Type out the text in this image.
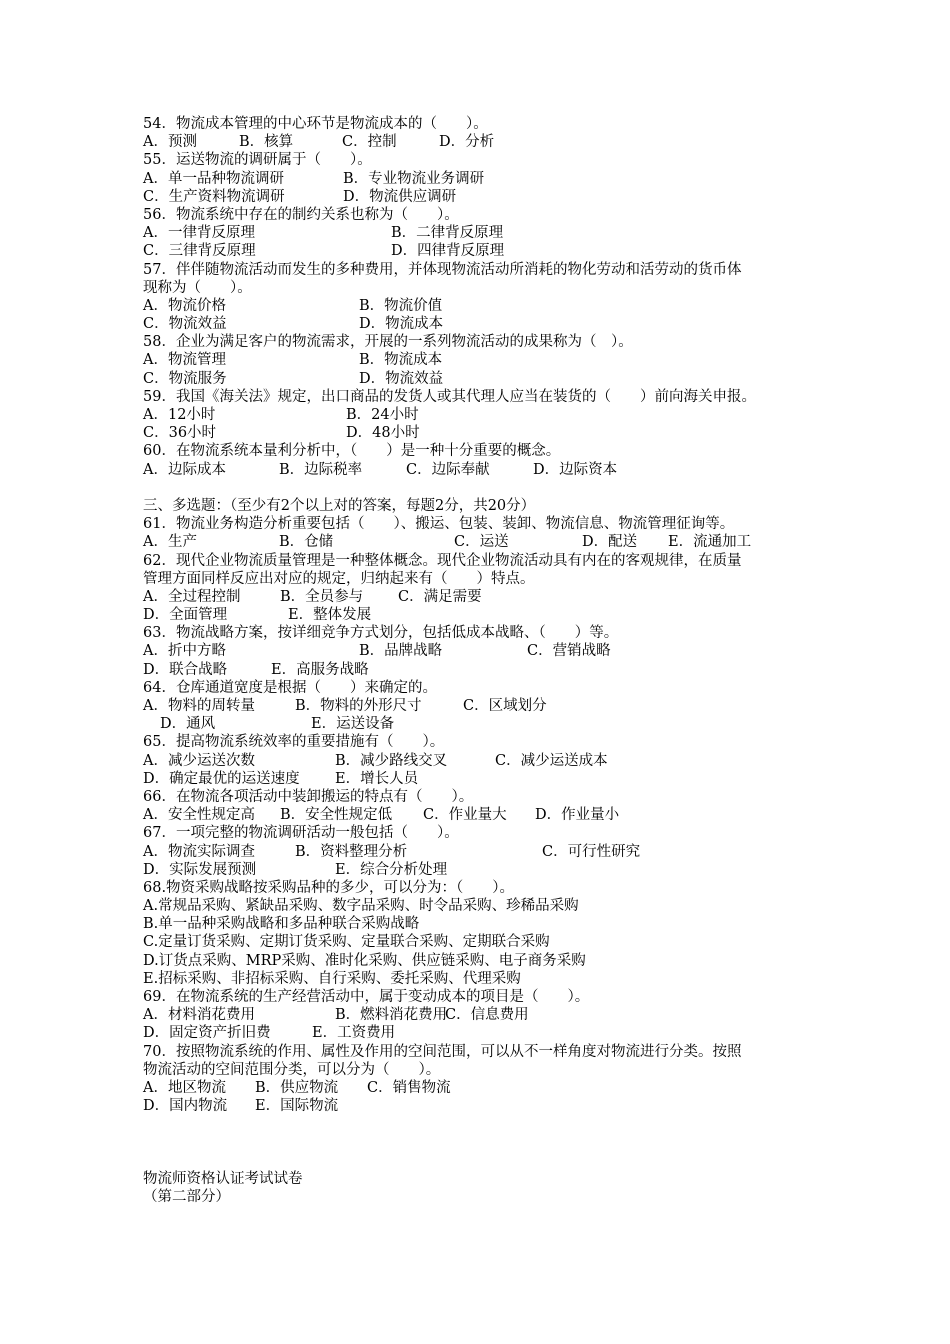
54．物流成本管理的中心环节是物流成本的（　　）。
A．预测	B．核算	C．控制	D．分析
55．运送物流的调研属于（　　）。
A．单一品种物流调研	B．专业物流业务调研
C．生产资料物流调研	D．物流供应调研
56．物流系统中存在的制约关系也称为（　　）。
A．一律背反原理	B．二律背反原理
C．三律背反原理	D．四律背反原理
57．伴伴随物流活动而发生的多种费用，并体现物流活动所消耗的物化劳动和活劳动的货币体
现称为（　　）。
A．物流价格	B．物流价值
C．物流效益	D．物流成本
58．企业为满足客户的物流需求，开展的一系列物流活动的成果称为（　）。
A．物流管理	B．物流成本
C．物流服务	D．物流效益
59．我国《海关法》规定，出口商品的发货人或其代理人应当在装货的（　　）前向海关申报。
A．12小时	B．24小时
C．36小时	D．48小时
60．在物流系统本量利分析中，（　　）是一种十分重要的概念。
A．边际成本	B．边际税率	C．边际奉献	D．边际资本
三、多选题：（至少有2个以上对的答案，每题2分，共20分）
61．物流业务构造分析重要包括（　　）、搬运、包装、装卸、物流信息、物流管理征询等。
A．生产	B．仓储	C．运送	D．配送 E．流通加工
62．现代企业物流质量管理是一种整体概念。现代企业物流活动具有内在的客观规律，在质量
管理方面同样反应出对应的规定，归纳起来有（　　）特点。
A．全过程控制	B．全员参与 C．满足需要
D．全面管理	E．整体发展
63．物流战略方案，按详细竞争方式划分，包括低成本战略、（　　）等。
A．折中方略	B．品牌战略	C．营销战略
D．联合战略	E．高服务战略
64．仓库通道宽度是根据（　　）来确定的。
A．物料的周转量	B．物料的外形尺寸	C．区域划分
D．通风	E．运送设备
65．提高物流系统效率的重要措施有（　　）。
A．减少运送次数	B．减少路线交叉	C．减少运送成本
D．确定最优的运送速度 E．增长人员
66．在物流各项活动中装卸搬运的特点有（　　）。
A．安全性规定高 B．安全性规定低 C．作业量大 D．作业量小
67．一项完整的物流调研活动一般包括（　　）。
A．物流实际调查	B．资料整理分析	C．可行性研究
D．实际发展预测	E．综合分析处理
68.物资采购战略按采购品种的多少，可以分为：（　　）。
A.常规品采购、紧缺品采购、数字品采购、时令品采购、珍稀品采购
B.单一品种采购战略和多品种联合采购战略
C.定量订货采购、定期订货采购、定量联合采购、定期联合采购
D.订货点采购、MRP采购、准时化采购、供应链采购、电子商务采购
E.招标采购、非招标采购、自行采购、委托采购、代理采购
69．在物流系统的生产经营活动中，属于变动成本的项目是（　　）。
A．材料消花费用	B．燃料消花费用
C．信息费用
D．固定资产折旧费	E．工资费用
70．按照物流系统的作用、属性及作用的空间范围，可以从不一样角度对物流进行分类。按照
物流活动的空间范围分类，可以分为（　　）。
A．地区物流 B．供应物流 C．销售物流
D．国内物流 E．国际物流
物流师资格认证考试试卷
（第二部分）
